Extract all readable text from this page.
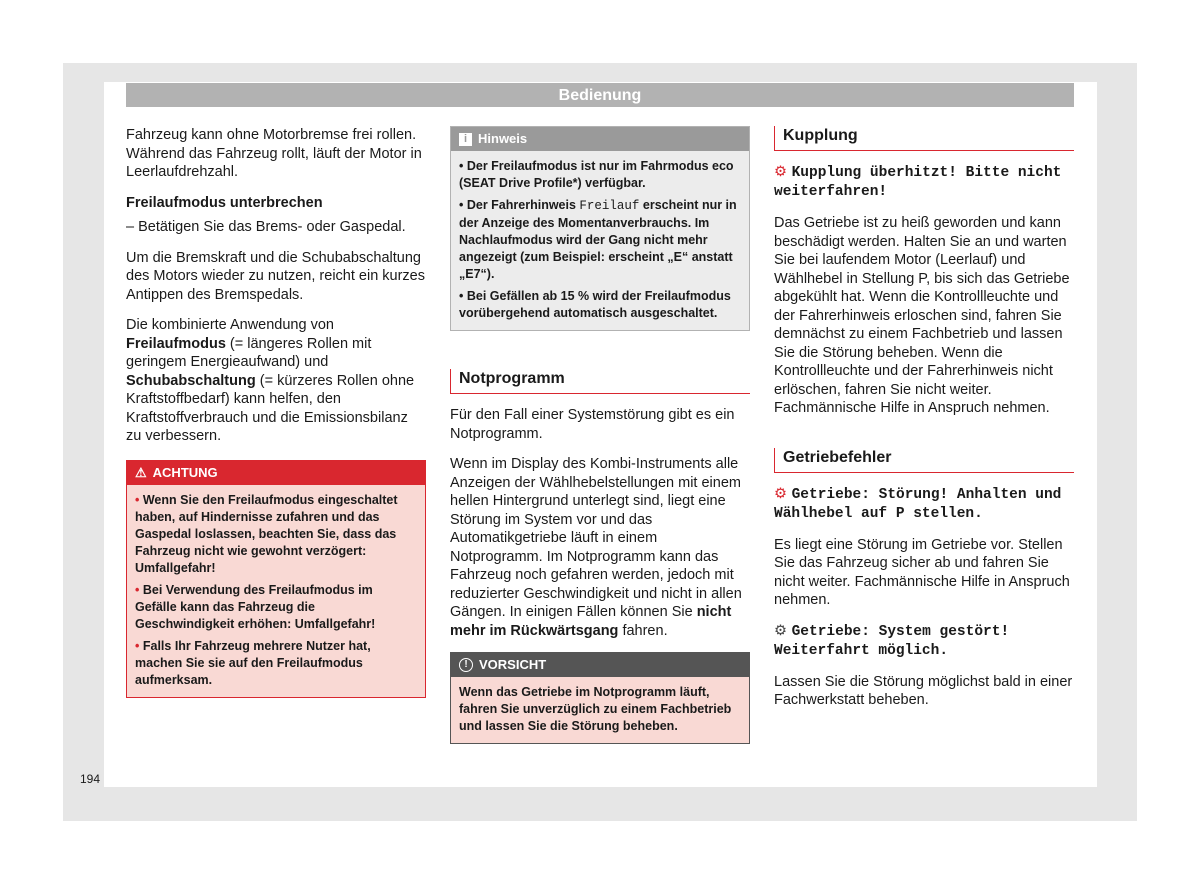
Bedienung

Fahrzeug kann ohne Motorbremse frei rollen. Während das Fahrzeug rollt, läuft der Motor in Leerlaufdrehzahl.

Freilaufmodus unterbrechen

– Betätigen Sie das Brems- oder Gaspedal.

Um die Bremskraft und die Schubabschaltung des Motors wieder zu nutzen, reicht ein kurzes Antippen des Bremspedals.

Die kombinierte Anwendung von Freilaufmodus (= längeres Rollen mit geringem Energieaufwand) und Schubabschaltung (= kürzeres Rollen ohne Kraftstoffbedarf) kann helfen, den Kraftstoffverbrauch und die Emissionsbilanz zu verbessern.

⚠ ACHTUNG

• Wenn Sie den Freilaufmodus eingeschaltet haben, auf Hindernisse zufahren und das Gaspedal loslassen, beachten Sie, dass das Fahrzeug nicht wie gewohnt verzögert: Umfallgefahr!

• Bei Verwendung des Freilaufmodus im Gefälle kann das Fahrzeug die Geschwindigkeit erhöhen: Umfallgefahr!

• Falls Ihr Fahrzeug mehrere Nutzer hat, machen Sie sie auf den Freilaufmodus aufmerksam.

i Hinweis

• Der Freilaufmodus ist nur im Fahrmodus eco (SEAT Drive Profile*) verfügbar.

• Der Fahrerhinweis Freilauf erscheint nur in der Anzeige des Momentanverbrauchs. Im Nachlaufmodus wird der Gang nicht mehr angezeigt (zum Beispiel: erscheint „E“ anstatt „E7“).

• Bei Gefällen ab 15 % wird der Freilaufmodus vorübergehend automatisch ausgeschaltet.

Notprogramm

Für den Fall einer Systemstörung gibt es ein Notprogramm.

Wenn im Display des Kombi-Instruments alle Anzeigen der Wählhebelstellungen mit einem hellen Hintergrund unterlegt sind, liegt eine Störung im System vor und das Automatikgetriebe läuft in einem Notprogramm. Im Notprogramm kann das Fahrzeug noch gefahren werden, jedoch mit reduzierter Geschwindigkeit und nicht in allen Gängen. In einigen Fällen können Sie nicht mehr im Rückwärtsgang fahren.

! VORSICHT

Wenn das Getriebe im Notprogramm läuft, fahren Sie unverzüglich zu einem Fachbetrieb und lassen Sie die Störung beheben.

Kupplung

⚙ Kupplung überhitzt! Bitte nicht weiterfahren!

Das Getriebe ist zu heiß geworden und kann beschädigt werden. Halten Sie an und warten Sie bei laufendem Motor (Leerlauf) und Wählhebel in Stellung P, bis sich das Getriebe abgekühlt hat. Wenn die Kontrollleuchte und der Fahrerhinweis erloschen sind, fahren Sie demnächst zu einem Fachbetrieb und lassen Sie die Störung beheben. Wenn die Kontrollleuchte und der Fahrerhinweis nicht erlöschen, fahren Sie nicht weiter. Fachmännische Hilfe in Anspruch nehmen.

Getriebefehler

⚙ Getriebe: Störung! Anhalten und Wählhebel auf P stellen.

Es liegt eine Störung im Getriebe vor. Stellen Sie das Fahrzeug sicher ab und fahren Sie nicht weiter. Fachmännische Hilfe in Anspruch nehmen.

⚙ Getriebe: System gestört! Weiterfahrt möglich.

Lassen Sie die Störung möglichst bald in einer Fachwerkstatt beheben.

194
